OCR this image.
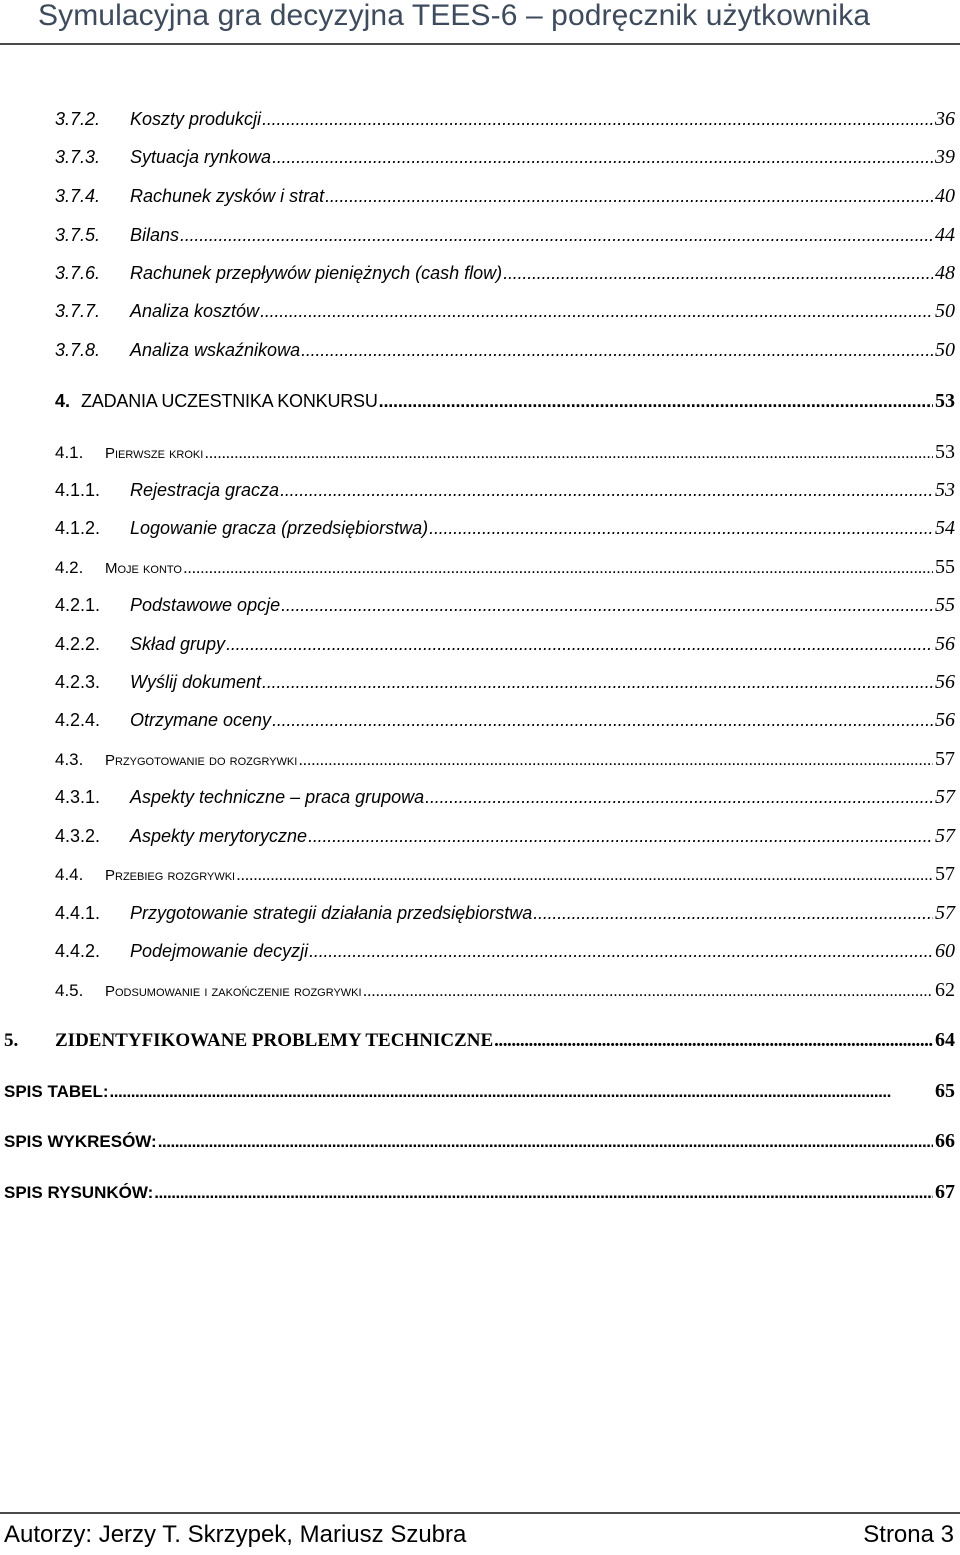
Symulacyjna gra decyzyjna TEES-6 – podręcznik użytkownika
3.7.2.	Koszty produkcji . . .	36
3.7.3.	Sytuacja rynkowa . . .	39
3.7.4.	Rachunek zysków i strat . . .	40
3.7.5.	Bilans . . .	44
3.7.6.	Rachunek przepływów pieniężnych (cash flow) . . .	48
3.7.7.	Analiza kosztów . . .	50
3.7.8.	Analiza wskaźnikowa . . .	50
4. ZADANIA UCZESTNIKA KONKURSU . . .	53
4.1.	Pierwsze kroki . . .	53
4.1.1.	Rejestracja gracza . . .	53
4.1.2.	Logowanie gracza (przedsiębiorstwa) . . .	54
4.2.	Moje konto . . .	55
4.2.1.	Podstawowe opcje . . .	55
4.2.2.	Skład grupy . . .	56
4.2.3.	Wyślij dokument . . .	56
4.2.4.	Otrzymane oceny . . .	56
4.3.	Przygotowanie do rozgrywki . . .	57
4.3.1.	Aspekty techniczne – praca grupowa . . .	57
4.3.2.	Aspekty merytoryczne . . .	57
4.4.	Przebieg rozgrywki . . .	57
4.4.1.	Przygotowanie strategii działania przedsiębiorstwa . . .	57
4.4.2.	Podejmowanie decyzji . . .	60
4.5.	Podsumowanie i zakończenie rozgrywki . . .	62
5.	ZIDENTYFIKOWANE PROBLEMY TECHNICZNE . . .	64
SPIS TABEL: . . .	65
SPIS WYKRESÓW: . . .	66
SPIS RYSUNKÓW: . . .	67
Autorzy: Jerzy T. Skrzypek, Mariusz Szubra	Strona 3
